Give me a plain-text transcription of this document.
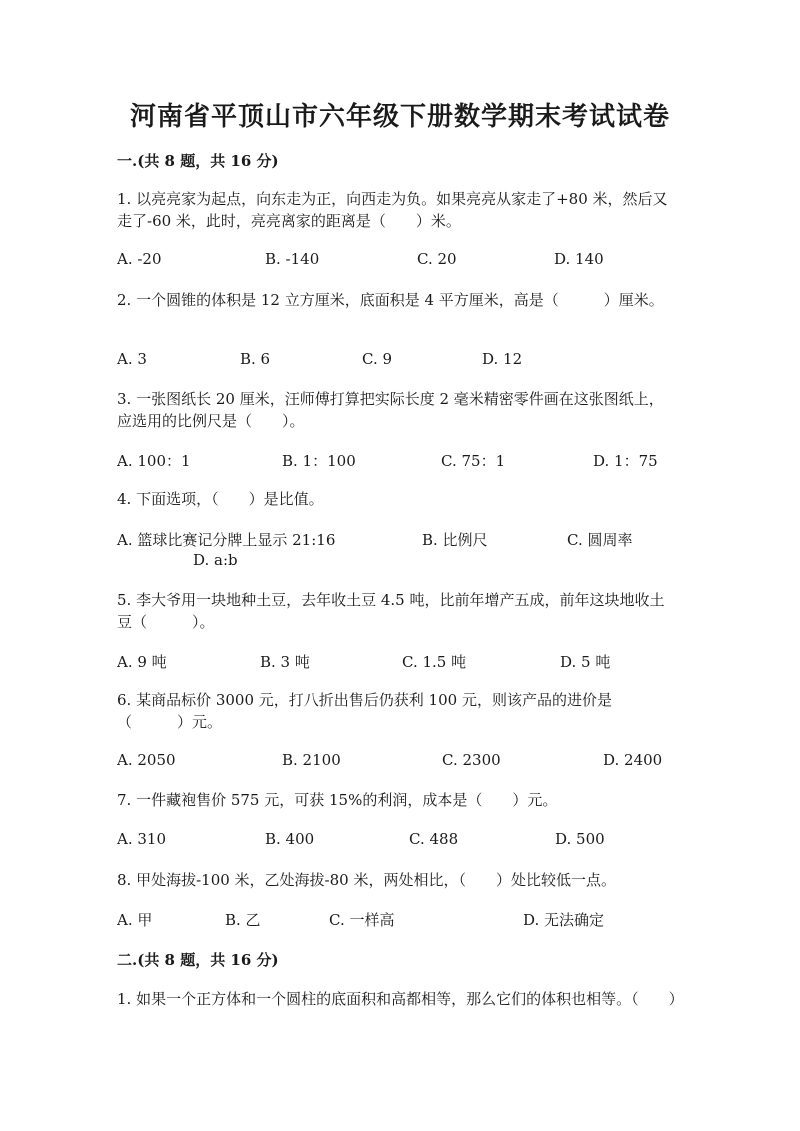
河南省平顶山市六年级下册数学期末考试试卷
一.(共 8 题，共 16 分)
1. 以亮亮家为起点，向东走为正，向西走为负。如果亮亮从家走了+80 米，然后又走了-60 米，此时，亮亮离家的距离是（　　）米。
A. -20	B. -140	C. 20	D. 140
2. 一个圆锥的体积是 12 立方厘米，底面积是 4 平方厘米，高是（　　　）厘米。
A. 3	B. 6	C. 9	D. 12
3. 一张图纸长 20 厘米，汪师傅打算把实际长度 2 毫米精密零件画在这张图纸上，应选用的比例尺是（　　）。
A. 100：1	B. 1：100	C. 75：1	D. 1：75
4. 下面选项，（　　）是比值。
A. 篮球比赛记分牌上显示 21:16	B. 比例尺	C. 圆周率
D. a:b
5. 李大爷用一块地种土豆，去年收土豆 4.5 吨，比前年增产五成，前年这块地收土豆（　　　）。
A. 9 吨	B. 3 吨	C. 1.5 吨	D. 5 吨
6. 某商品标价 3000 元，打八折出售后仍获利 100 元，则该产品的进价是（　　　）元。
A. 2050	B. 2100	C. 2300	D. 2400
7. 一件藏袍售价 575 元，可获 15%的利润，成本是（　　）元。
A. 310	B. 400	C. 488	D. 500
8. 甲处海拔-100 米，乙处海拔-80 米，两处相比，（　　）处比较低一点。
A. 甲	B. 乙	C. 一样高	D. 无法确定
二.(共 8 题，共 16 分)
1. 如果一个正方体和一个圆柱的底面积和高都相等，那么它们的体积也相等。（　　）
